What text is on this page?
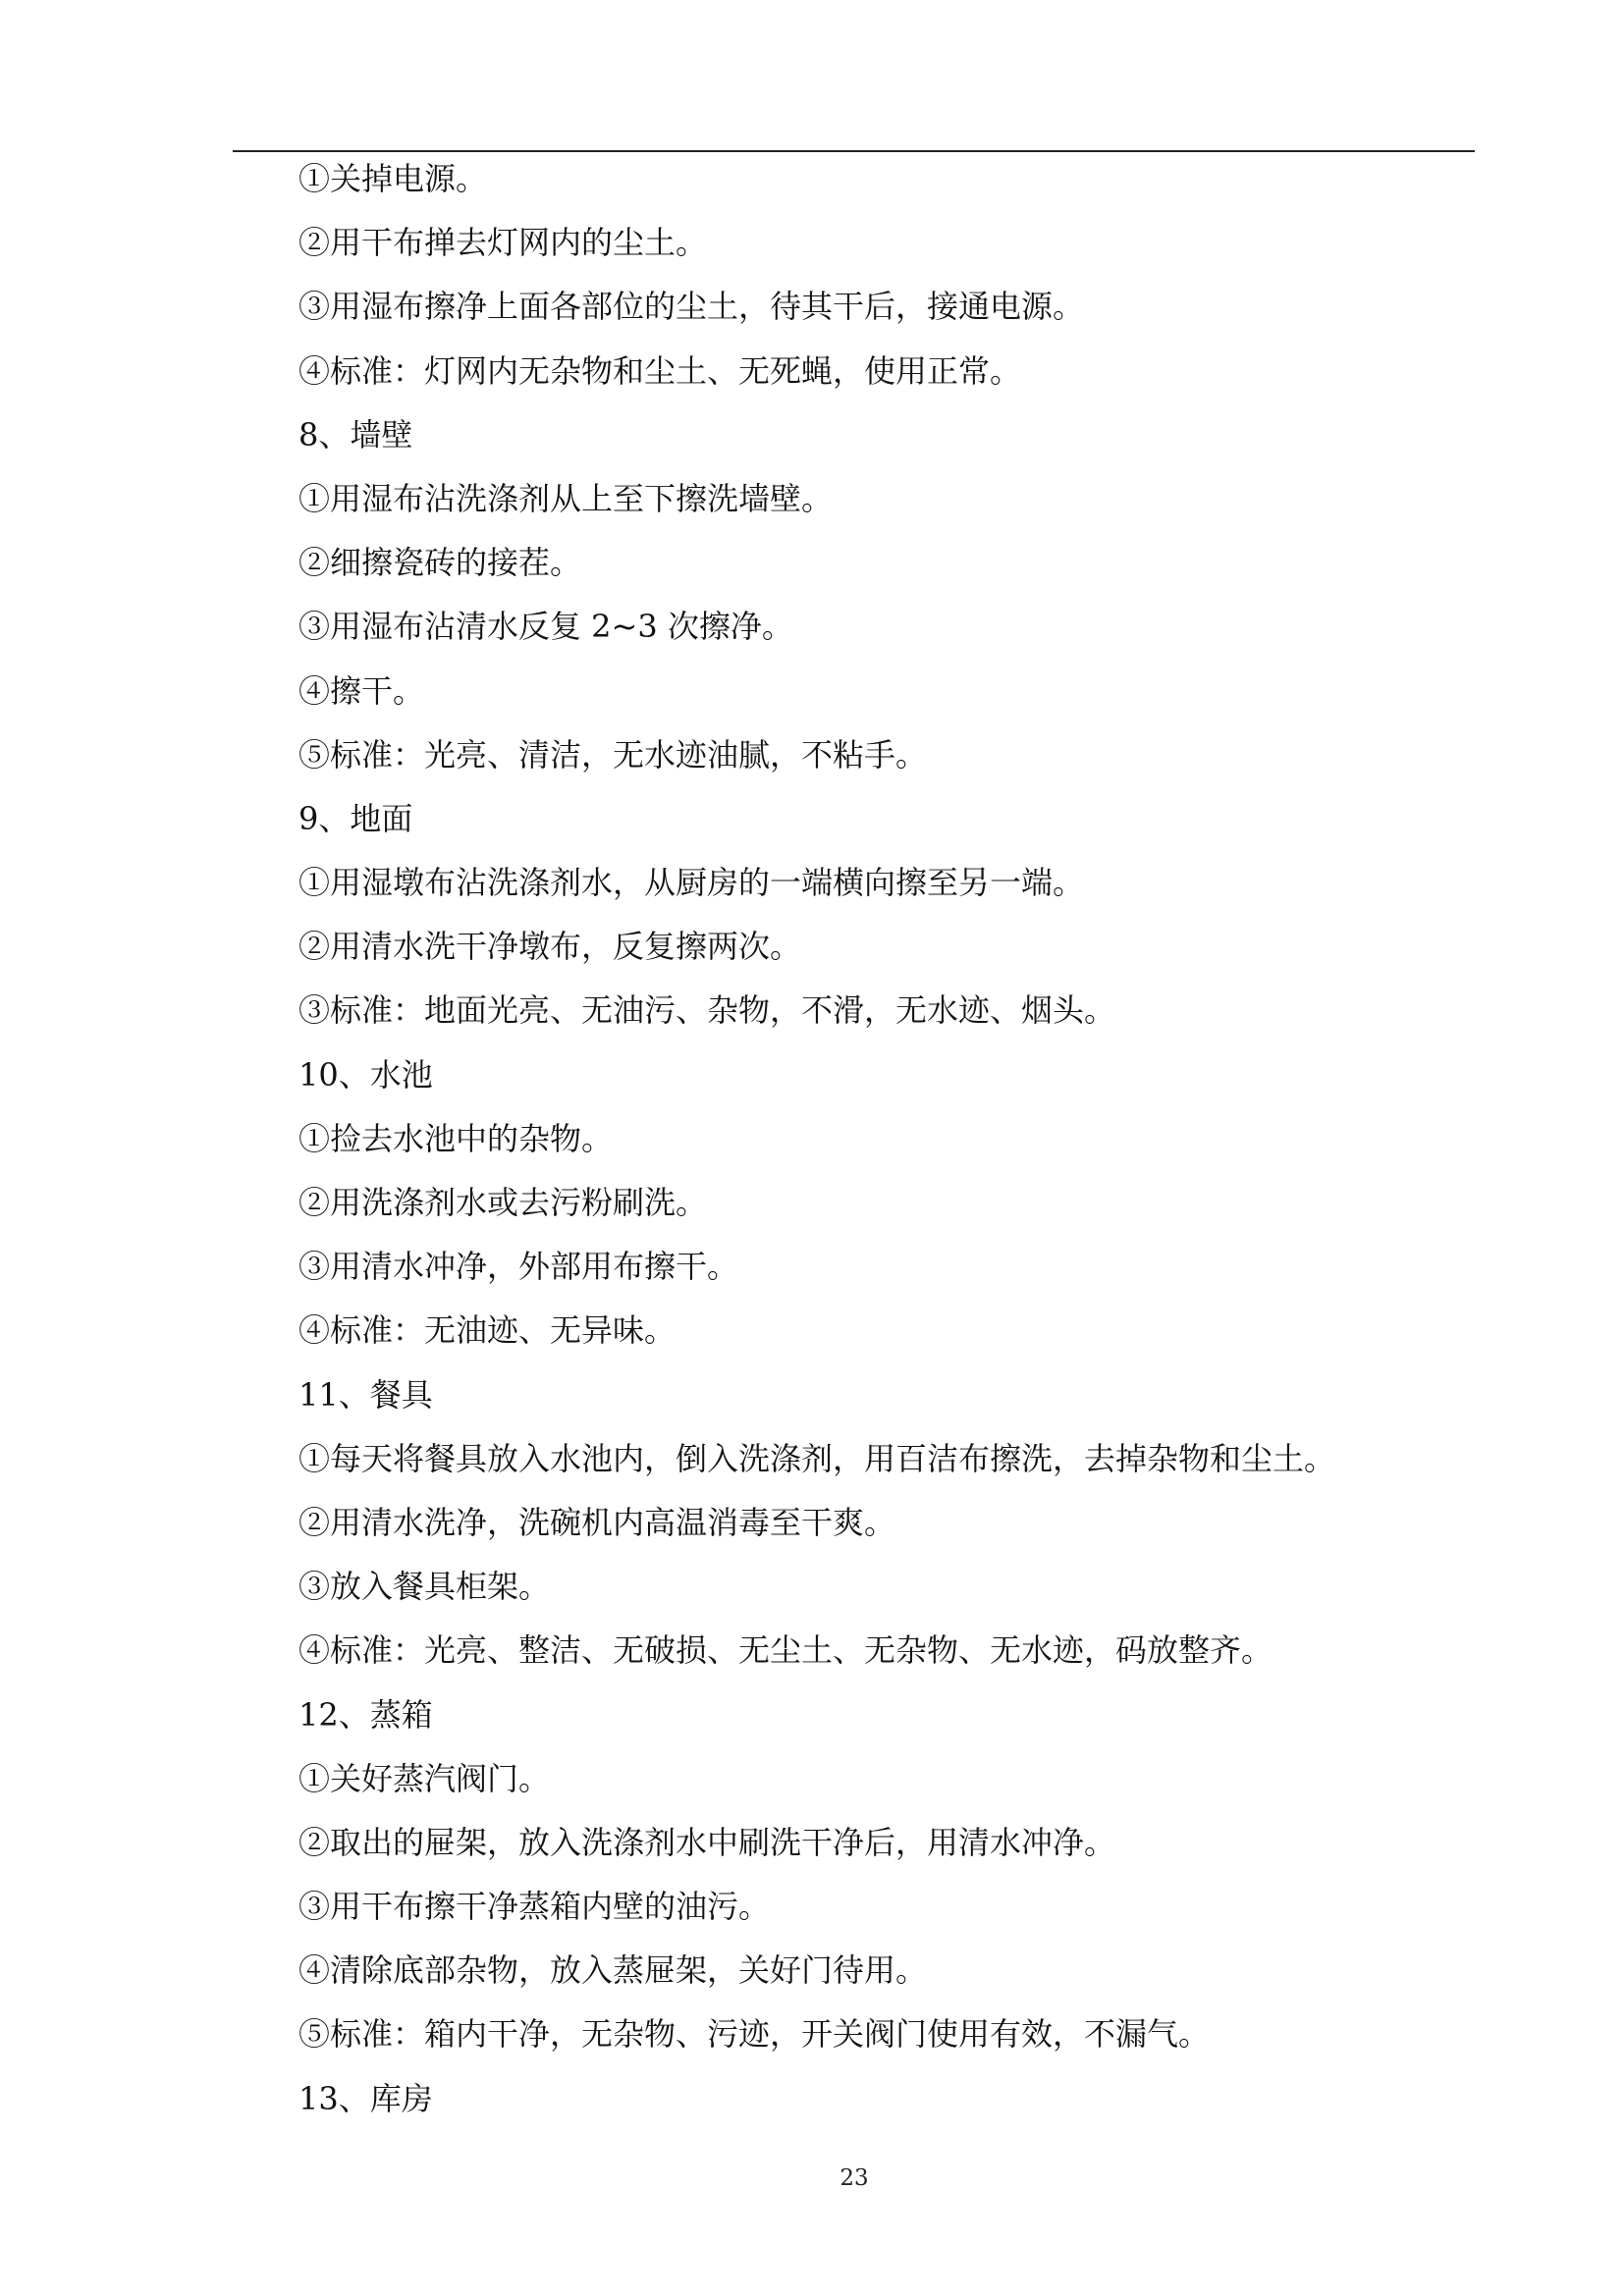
①关掉电源。
②用干布掸去灯网内的尘土。
③用湿布擦净上面各部位的尘土，待其干后，接通电源。
④标准：灯网内无杂物和尘土、无死蝇，使用正常。
8、墙壁
①用湿布沾洗涤剂从上至下擦洗墙壁。
②细擦瓷砖的接茬。
③用湿布沾清水反复 2~3 次擦净。
④擦干。
⑤标准：光亮、清洁，无水迹油腻，不粘手。
9、地面
①用湿墩布沾洗涤剂水，从厨房的一端横向擦至另一端。
②用清水洗干净墩布，反复擦两次。
③标准：地面光亮、无油污、杂物，不滑，无水迹、烟头。
10、水池
①捡去水池中的杂物。
②用洗涤剂水或去污粉刷洗。
③用清水冲净，外部用布擦干。
④标准：无油迹、无异味。
11、餐具
①每天将餐具放入水池内，倒入洗涤剂，用百洁布擦洗，去掉杂物和尘土。
②用清水洗净，洗碗机内高温消毒至干爽。
③放入餐具柜架。
④标准：光亮、整洁、无破损、无尘土、无杂物、无水迹，码放整齐。
12、蒸箱
①关好蒸汽阀门。
②取出的屉架，放入洗涤剂水中刷洗干净后，用清水冲净。
③用干布擦干净蒸箱内壁的油污。
④清除底部杂物，放入蒸屉架，关好门待用。
⑤标准：箱内干净，无杂物、污迹，开关阀门使用有效，不漏气。
13、库房
23
